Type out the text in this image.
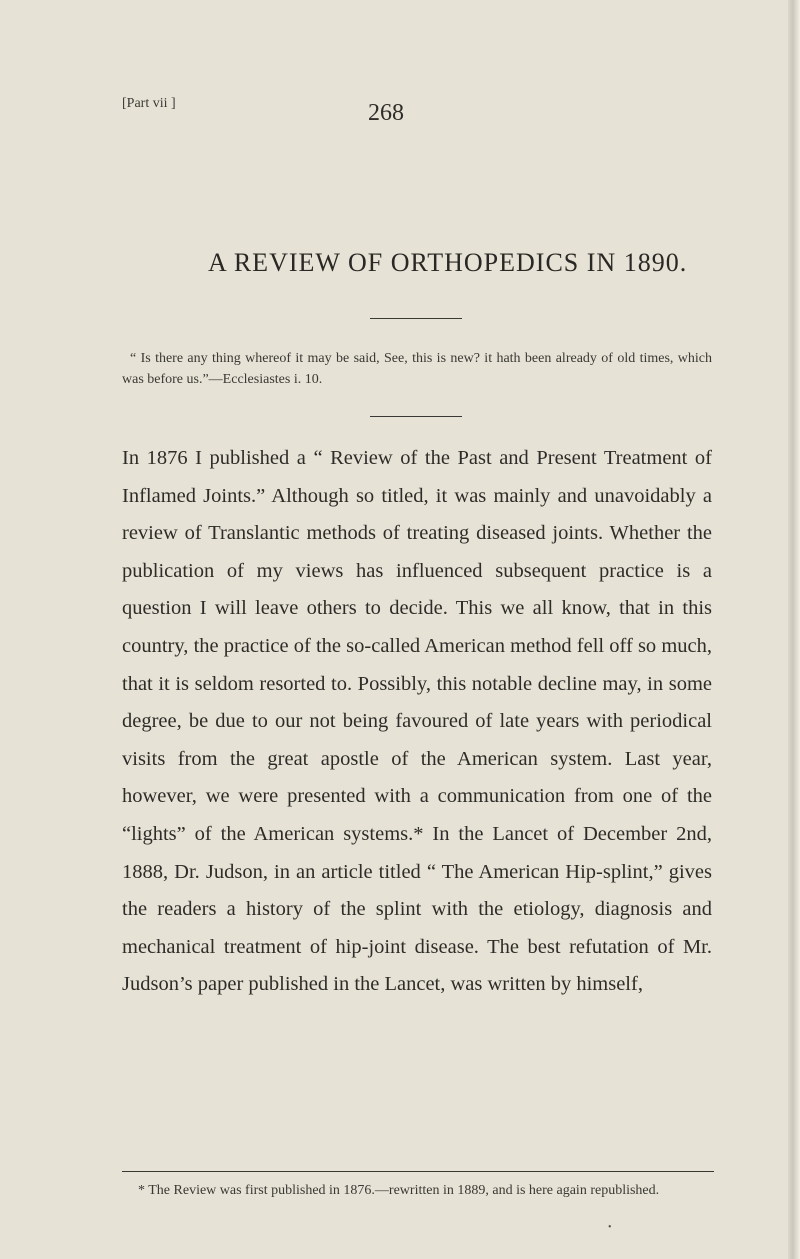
[Part vii ]	268
A REVIEW OF ORTHOPEDICS IN 1890.
“ Is there any thing whereof it may be said, See, this is new? it hath been already of old times, which was before us.”—Ecclesiastes i. 10.
In 1876 I published a “ Review of the Past and Present Treatment of Inflamed Joints.” Although so titled, it was mainly and unavoidably a review of Translantic methods of treating diseased joints. Whether the publication of my views has influenced subsequent practice is a question I will leave others to decide. This we all know, that in this country, the practice of the so-called American method fell off so much, that it is seldom resorted to. Possibly, this notable decline may, in some degree, be due to our not being favoured of late years with periodical visits from the great apostle of the American system. Last year, however, we were presented with a communication from one of the “lights” of the American systems.* In the Lancet of December 2nd, 1888, Dr. Judson, in an article titled “ The American Hip-splint,” gives the readers a history of the splint with the etiology, diagnosis and mechanical treatment of hip-joint disease. The best refutation of Mr. Judson’s paper published in the Lancet, was written by himself,
* The Review was first published in 1876.—rewritten in 1889, and is here again republished.
•
